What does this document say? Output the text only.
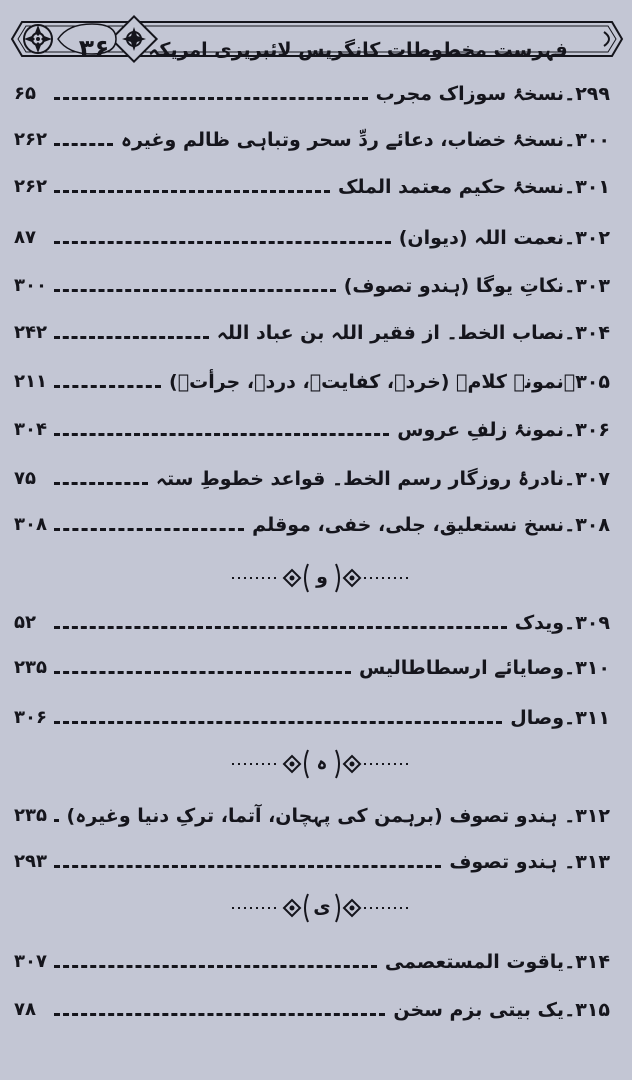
۳۶	فہرست مخطوطات کانگریس لائبریری امریکہ
۲۹۹۔نسخۂ سوزاک مجرب
۶۵
۳۰۰۔نسخۂ خضاب، دعائے ردِّ سحر وتباہی ظالم وغیرہ
۲۶۲
۳۰۱۔نسخۂ حکیم معتمد الملک
۲۶۲
۳۰۲۔نعمت اللہ (دیوان)
۸۷
۳۰۳۔نکاتِ یوگا (ہندو تصوف)
۳۰۰
۳۰۴۔نصاب الخط۔ از فقیر اللہ بن عباد اللہ
۲۴۲
۳۰۵۔نمونۂ کلام۔ (خردؔ، کفایتؔ، دردؔ، جرأتؔ)
۲۱۱
۳۰۶۔نمونۂ زلفِ عروس
۳۰۴
۳۰۷۔نادرۂ روزگار رسم الخط۔ قواعد خطوطِ ستہ
۷۵
۳۰۸۔نسخ نستعلیق، جلی، خفی، موقلم
۳۰۸
و
۳۰۹۔ویدک
۵۲
۳۱۰۔وصایائے ارسطاطالیس
۲۳۵
۳۱۱۔وصال
۳۰۶
ہ
۳۱۲۔ ہندو تصوف (برہمن کی پہچان، آتما، ترکِ دنیا وغیرہ)
۲۳۵
۳۱۳۔ ہندو تصوف
۲۹۳
ی
۳۱۴۔یاقوت المستعصمی
۳۰۷
۳۱۵۔یک بیتی بزم سخن
۷۸
